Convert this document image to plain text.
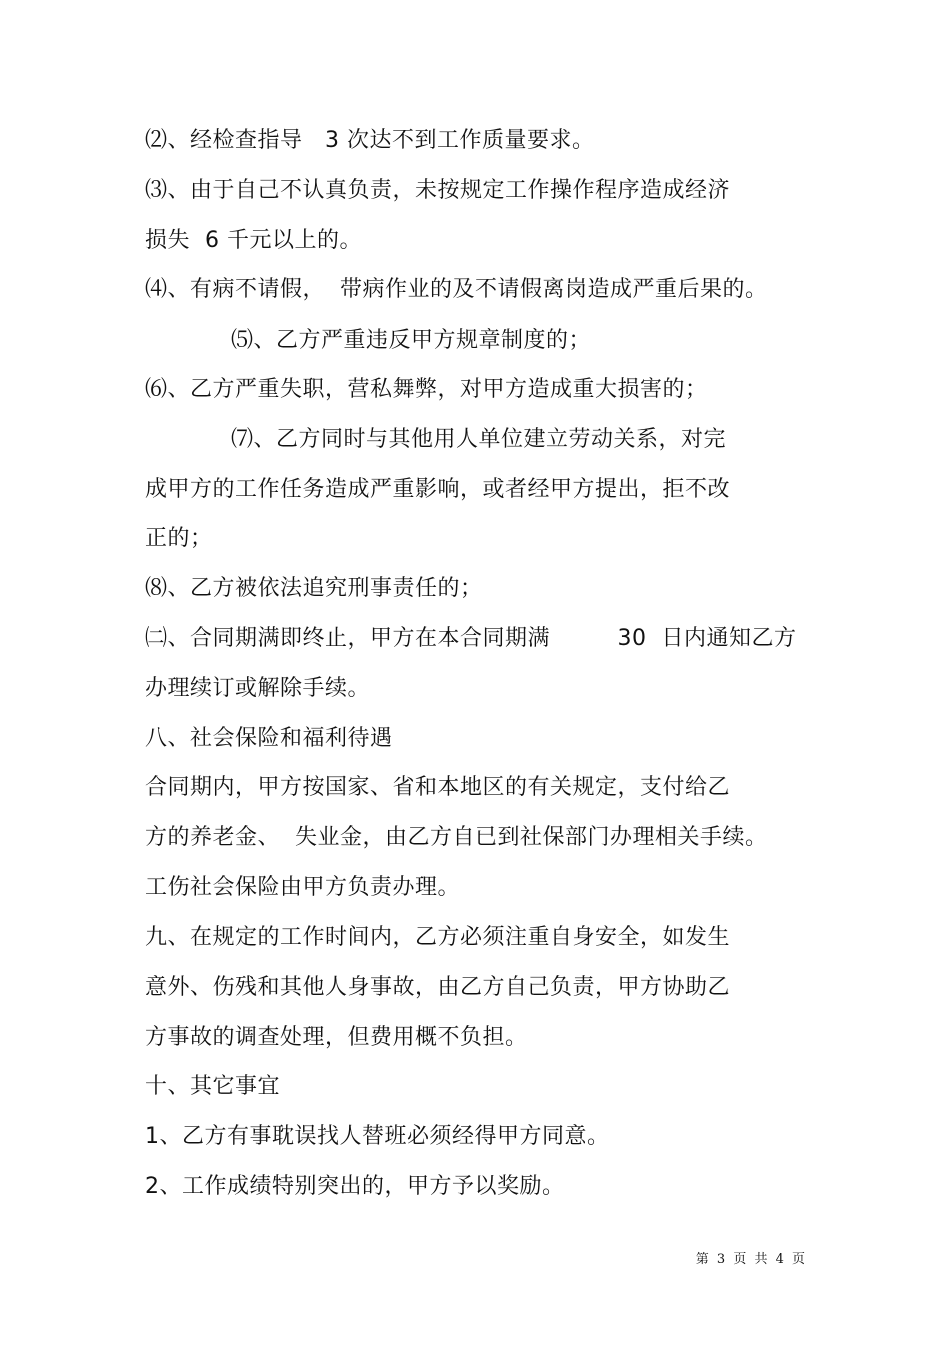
⑵、经检查指导　3 次达不到工作质量要求。
⑶、由于自己不认真负责，未按规定工作操作程序造成经济
损失  6 千元以上的。
⑷、有病不请假，  带病作业的及不请假离岗造成严重后果的。
⑸、乙方严重违反甲方规章制度的；
⑹、乙方严重失职，营私舞弊，对甲方造成重大损害的；
⑺、乙方同时与其他用人单位建立劳动关系，对完
成甲方的工作任务造成严重影响，或者经甲方提出，拒不改
正的；
⑻、乙方被依法追究刑事责任的；
㈡、合同期满即终止，甲方在本合同期满　　　30  日内通知乙方
办理续订或解除手续。
八、社会保险和福利待遇
合同期内，甲方按国家、省和本地区的有关规定，支付给乙
方的养老金、  失业金，由乙方自已到社保部门办理相关手续。
工伤社会保险由甲方负责办理。
九、在规定的工作时间内，乙方必须注重自身安全，如发生
意外、伤残和其他人身事故，由乙方自己负责，甲方协助乙
方事故的调查处理，但费用概不负担。
十、其它事宜
1、乙方有事耽误找人替班必须经得甲方同意。
2、工作成绩特别突出的，甲方予以奖励。
第 3 页 共 4 页
